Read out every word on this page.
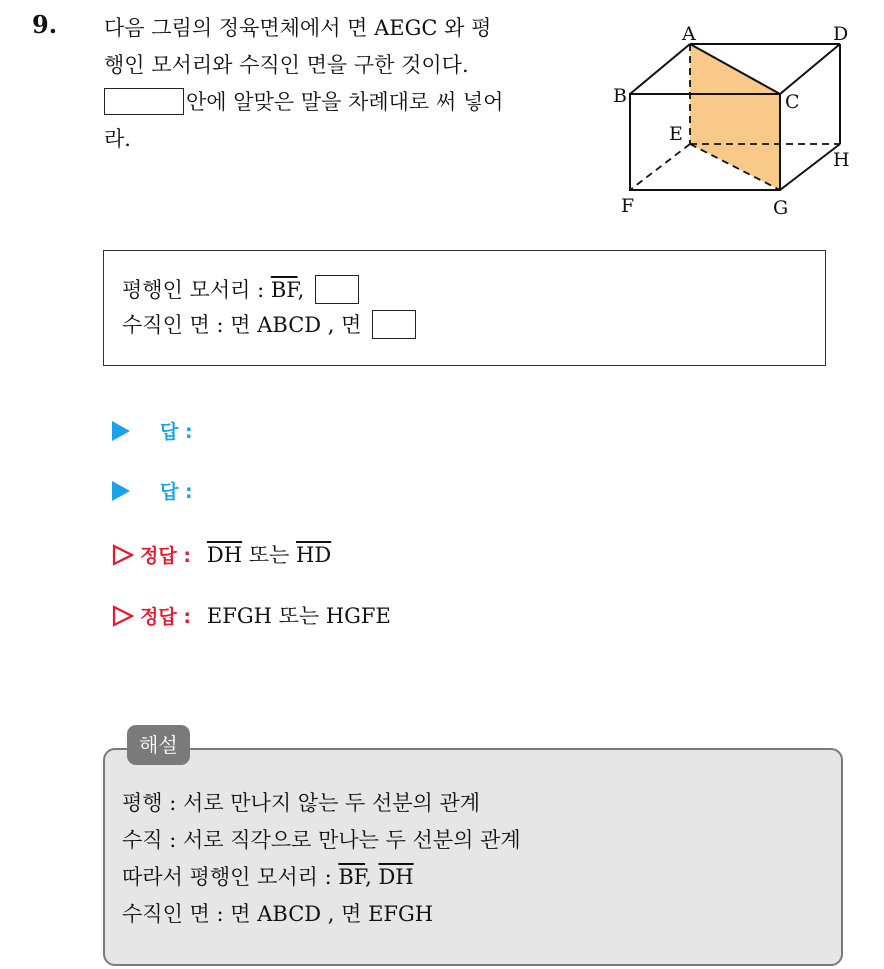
9. 다음 그림의 정육면체에서 면 AEGC 와 평
행인 모서리와 수직인 면을 구한 것이다.
안에 알맞은 말을 차례대로 써 넣어
라.
A	D
B	C
E
H
F	G
평행인 모서리 : $\overline{BF}$,
수직인 면 : 면 ABCD , 면
답 :
답 :
정답 : $\overline{DH}$ 또는 $\overline{HD}$
정답 : EFGH 또는 HGFE
평행 : 서로 만나지 않는 두 선분의 관계
수직 : 서로 직각으로 만나는 두 선분의 관계
따라서 평행인 모서리 : $\overline{BF}$, $\overline{DH}$
수직인 면 : 면 ABCD , 면 EFGH
해설
